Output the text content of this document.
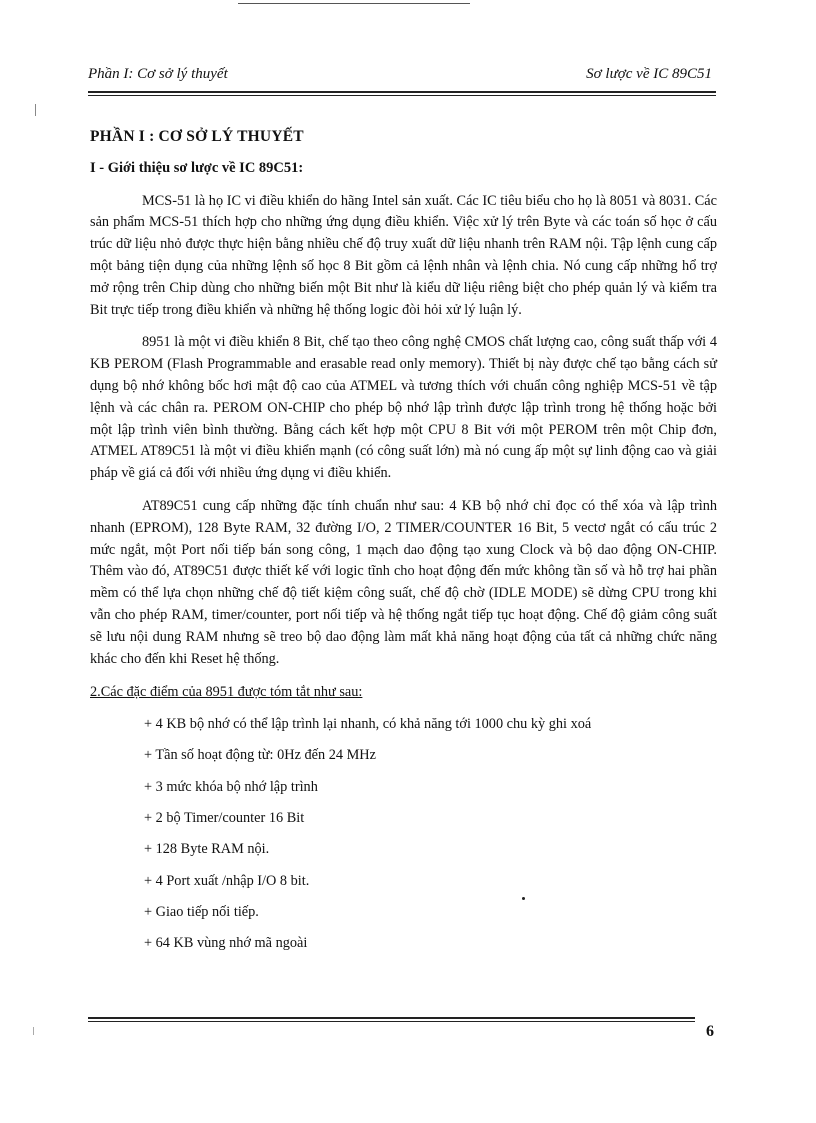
Phần I: Cơ sở lý thuyết	Sơ lược về IC 89C51
PHẦN I : CƠ SỞ LÝ THUYẾT
I - Giới thiệu sơ lược về IC 89C51:

MCS-51 là họ IC vi điều khiển do hãng Intel sản xuất. Các IC tiêu biểu cho họ là 8051 và 8031. Các sản phẩm MCS-51 thích hợp cho những ứng dụng điều khiển. Việc xử lý trên Byte và các toán số học ở cấu trúc dữ liệu nhỏ được thực hiện bằng nhiều chế độ truy xuất dữ liệu nhanh trên RAM nội. Tập lệnh cung cấp một bảng tiện dụng của những lệnh số học 8 Bit gồm cả lệnh nhân và lệnh chia. Nó cung cấp những hổ trợ mở rộng trên Chip dùng cho những biến một Bit như là kiểu dữ liệu riêng biệt cho phép quản lý và kiểm tra Bit trực tiếp trong điều khiển và những hệ thống logic đòi hỏi xử lý luận lý.

8951 là một vi điều khiển 8 Bit, chế tạo theo công nghệ CMOS chất lượng cao, công suất thấp với 4 KB PEROM (Flash Programmable and erasable read only memory). Thiết bị này được chế tạo bằng cách sử dụng bộ nhớ không bốc hơi mật độ cao của ATMEL và tương thích với chuẩn công nghiệp MCS-51 về tập lệnh và các chân ra. PEROM ON-CHIP cho phép bộ nhớ lập trình được lập trình trong hệ thống hoặc bởi một lập trình viên bình thường. Bằng cách kết hợp một CPU 8 Bit với một PEROM trên một Chip đơn, ATMEL AT89C51 là một vi điều khiển mạnh (có công suất lớn) mà nó cung ấp một sự linh động cao và giải pháp về giá cả đối với nhiều ứng dụng vi điều khiển.

AT89C51 cung cấp những đặc tính chuẩn như sau: 4 KB bộ nhớ chỉ đọc có thể xóa và lập trình nhanh (EPROM), 128 Byte RAM, 32 đường I/O, 2 TIMER/COUNTER 16 Bit, 5 vectơ ngắt có cấu trúc 2 mức ngắt, một Port nối tiếp bán song công, 1 mạch dao động tạo xung Clock và bộ dao động ON-CHIP. Thêm vào đó, AT89C51 được thiết kế với logic tĩnh cho hoạt động đến mức không tần số và hỗ trợ hai phần mềm có thể lựa chọn những chế độ tiết kiệm công suất, chế độ chờ (IDLE MODE) sẽ dừng CPU trong khi vẫn cho phép RAM, timer/counter, port nối tiếp và hệ thống ngắt tiếp tục hoạt động. Chế độ giảm công suất sẽ lưu nội dung RAM nhưng sẽ treo bộ dao động làm mất khả năng hoạt động của tất cả những chức năng khác cho đến khi Reset hệ thống.

2.Các đặc điểm của 8951 được tóm tắt như sau:
+ 4 KB bộ nhớ có thể lập trình lại nhanh, có khả năng tới 1000 chu kỳ ghi xoá
+ Tần số hoạt động từ: 0Hz đến 24 MHz
+ 3 mức khóa bộ nhớ lập trình
+ 2 bộ Timer/counter 16 Bit
+ 128 Byte RAM nội.
+ 4 Port xuất /nhập I/O 8 bit.
+ Giao tiếp nối tiếp.
+ 64 KB vùng nhớ mã ngoài
6
